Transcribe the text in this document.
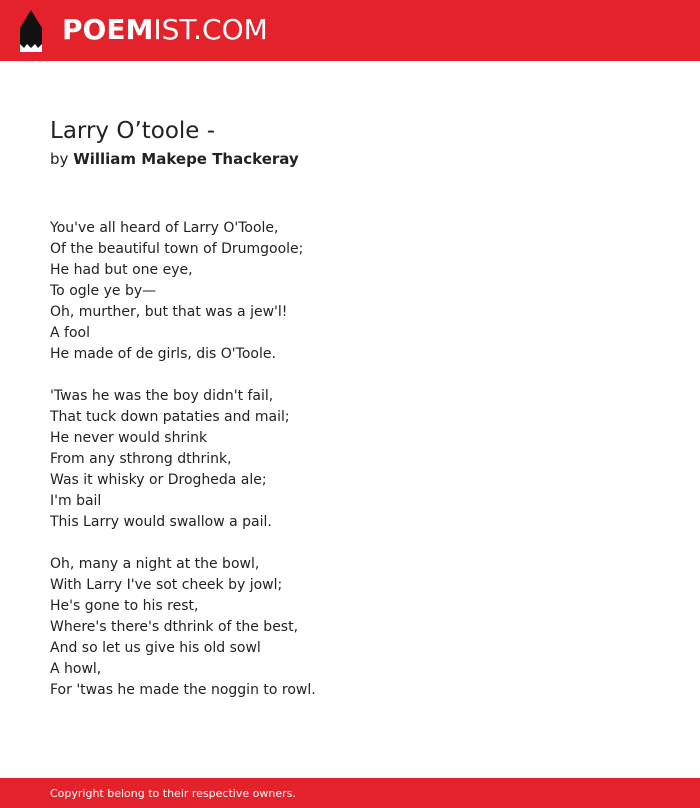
POEMIST.COM
Larry O’toole -
by William Makepe Thackeray
You've all heard of Larry O'Toole,
Of the beautiful town of Drumgoole;
He had but one eye,
To ogle ye by—
Oh, murther, but that was a jew'l!
A fool
He made of de girls, dis O'Toole.
'Twas he was the boy didn't fail,
That tuck down pataties and mail;
He never would shrink
From any sthrong dthrink,
Was it whisky or Drogheda ale;
I'm bail
This Larry would swallow a pail.
Oh, many a night at the bowl,
With Larry I've sot cheek by jowl;
He's gone to his rest,
Where's there's dthrink of the best,
And so let us give his old sowl
A howl,
For 'twas he made the noggin to rowl.
Copyright belong to their respective owners.
